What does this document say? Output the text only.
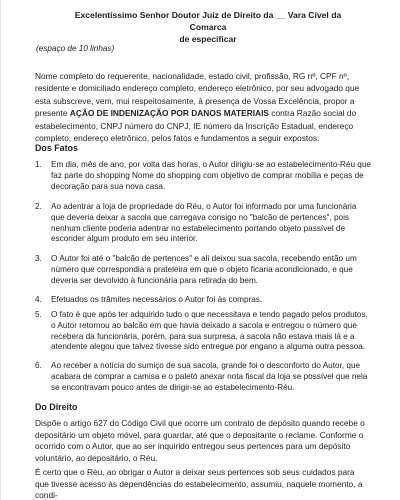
Excelentíssimo Senhor Doutor Juiz de Direito da __ Vara Cível da Comarca
de especificar
(espaço de 10 linhas)

Nome completo do requerente, nacionalidade, estado civil, profissão, RG nº, CPF nº, residente e domiciliado endereço completo, endereço eletrônico, por seu advogado que esta subscreve, vem, mui respeitosamente, à presença de Vossa Excelência, propor a presente AÇÃO DE INDENIZAÇÃO POR DANOS MATERIAIS contra Razão social do estabelecimento, CNPJ número do CNPJ, IE número da Inscrição Estadual, endereço completo, endereço eletrônico, pelos fatos e fundamentos a seguir expostos:

Dos Fatos
1. Em dia, mês de ano, por volta das horas, o Autor dirigiu-se ao estabelecimento-Réu que faz parte do shopping Nome do shopping com objetivo de comprar mobília e peças de decoração para sua nova casa.
2. Ao adentrar a loja de propriedade do Réu, o Autor foi informado por uma funcionária que deveria deixar a sacola que carregava consigo no "balcão de pertences", pois nenhum cliente poderia adentrar no estabelecimento portando objeto passível de esconder algum produto em seu interior.
3. O Autor foi até o "balcão de pertences" e ali deixou sua sacola, recebendo então um número que correspondia a prateleira em que o objeto ficaria acondicionado, e que deveria ser devolvido à funcionária para retirada do bem.
4. Efetuados os trâmites necessários o Autor foi às compras.
5. O fato é que após ter adquirido tudo o que necessitava e tendo pagado pelos produtos, o Autor retornou ao balcão em que havia deixado a sacola e entregou o número que recebera da funcionária, porém, para sua surpresa, a sacola não estava mais lá e a atendente alegou que talvez tivesse sido entregue por engano a alguma outra pessoa.
6. Ao receber a notícia do sumiço de sua sacola, grande foi o desconforto do Autor, que acabara de comprar a camisa e o paletó anexar nota fiscal da loja se possível que nela se encontravam pouco antes de dirigir-se ao estabelecimento-Réu.
Do Direito

Dispõe o artigo 627 do Código Civil que ocorre um contrato de depósito quando recebe o depositário um objeto móvel, para guardar, até que o depositante o reclame. Conforme o ocorrido com o Autor, que ao ser inquirido entregou seus pertences para um depósito voluntário, ao depositário, o Réu.

É certo que o Réu, ao obrigar o Autor a deixar seus pertences sob seus cuidados para que tivesse acesso às dependências do estabelecimento, assumiu, naquele momento, a condi-
